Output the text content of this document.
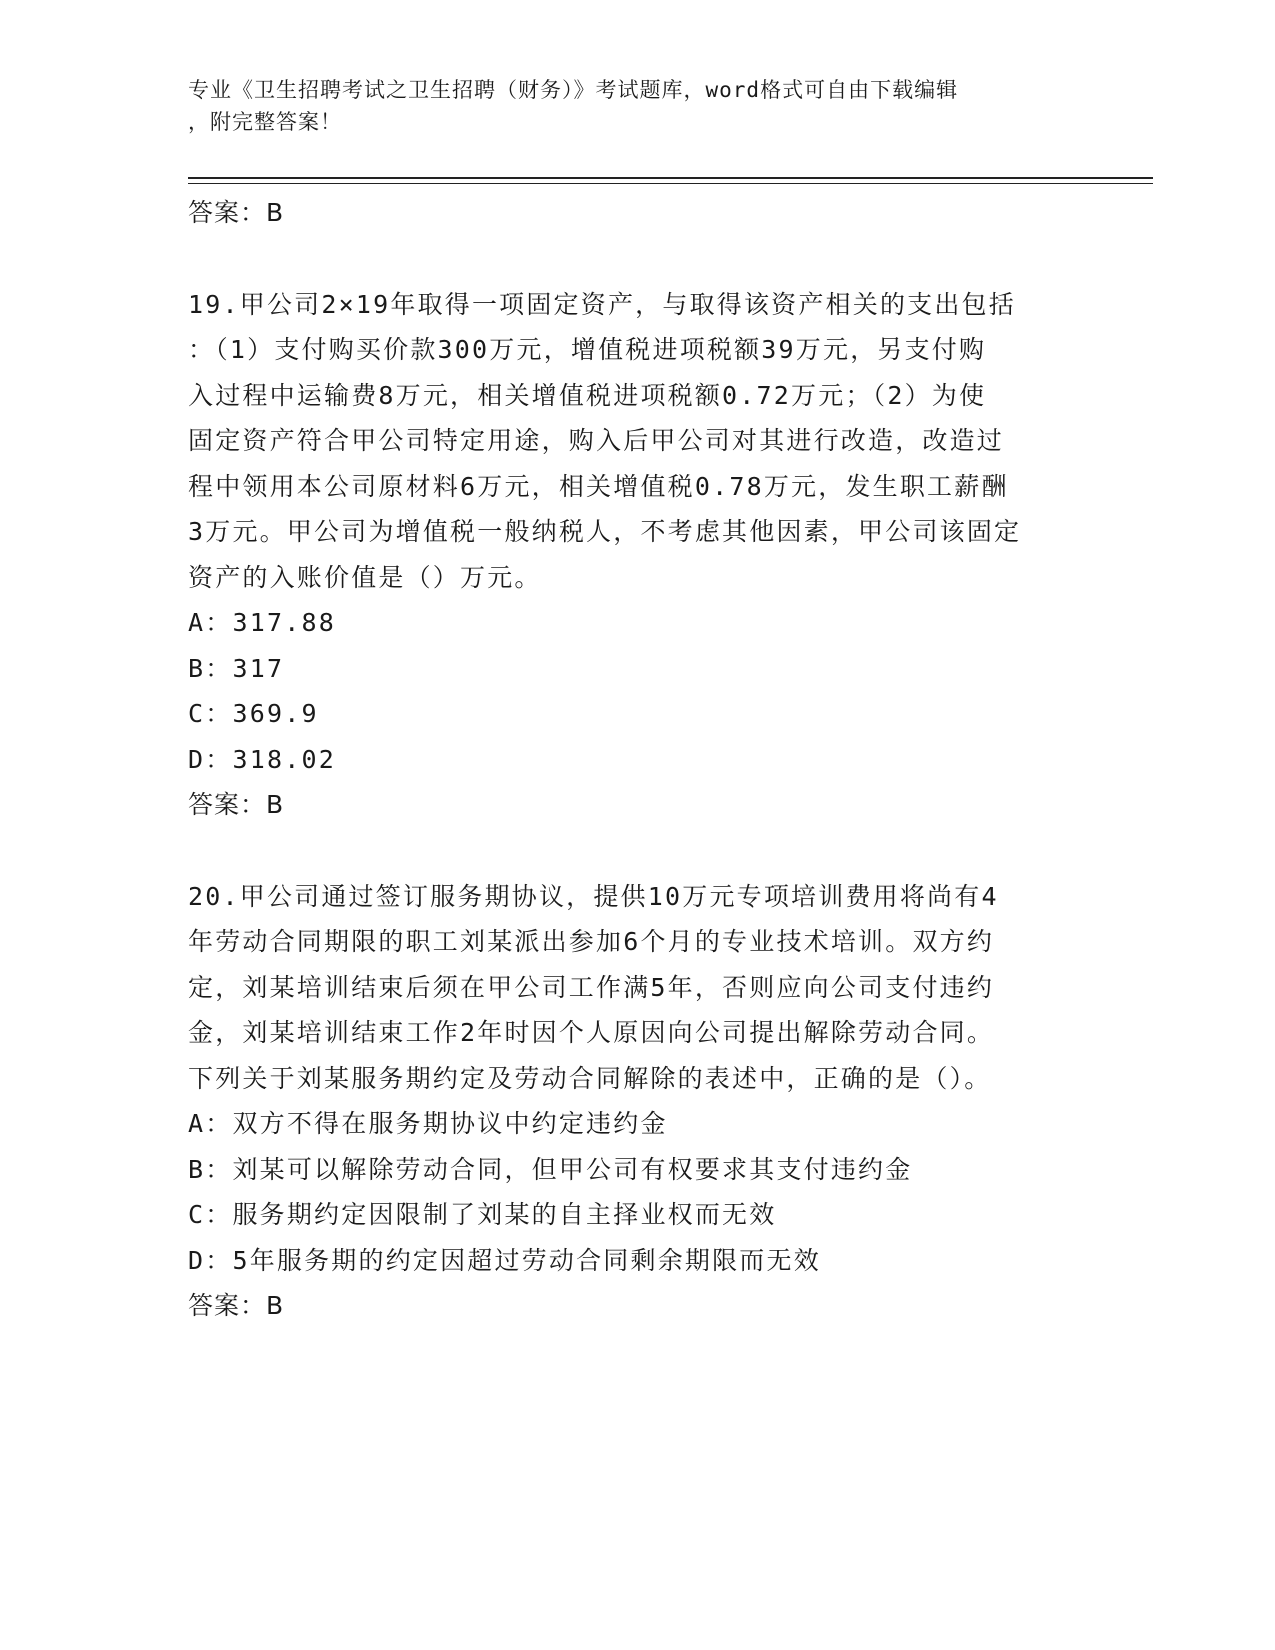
专业《卫生招聘考试之卫生招聘（财务）》考试题库，word格式可自由下载编辑
，附完整答案！
答案：B
19.甲公司2×19年取得一项固定资产，与取得该资产相关的支出包括
：（1）支付购买价款300万元，增值税进项税额39万元，另支付购
入过程中运输费8万元，相关增值税进项税额0.72万元；（2）为使
固定资产符合甲公司特定用途，购入后甲公司对其进行改造，改造过
程中领用本公司原材料6万元，相关增值税0.78万元，发生职工薪酬
3万元。甲公司为增值税一般纳税人，不考虑其他因素，甲公司该固定
资产的入账价值是（）万元。
A：317.88
B：317
C：369.9
D：318.02
答案：B
20.甲公司通过签订服务期协议，提供10万元专项培训费用将尚有4
年劳动合同期限的职工刘某派出参加6个月的专业技术培训。双方约
定，刘某培训结束后须在甲公司工作满5年，否则应向公司支付违约
金，刘某培训结束工作2年时因个人原因向公司提出解除劳动合同。
下列关于刘某服务期约定及劳动合同解除的表述中，正确的是（）。
A：双方不得在服务期协议中约定违约金
B：刘某可以解除劳动合同，但甲公司有权要求其支付违约金
C：服务期约定因限制了刘某的自主择业权而无效
D：5年服务期的约定因超过劳动合同剩余期限而无效
答案：B
